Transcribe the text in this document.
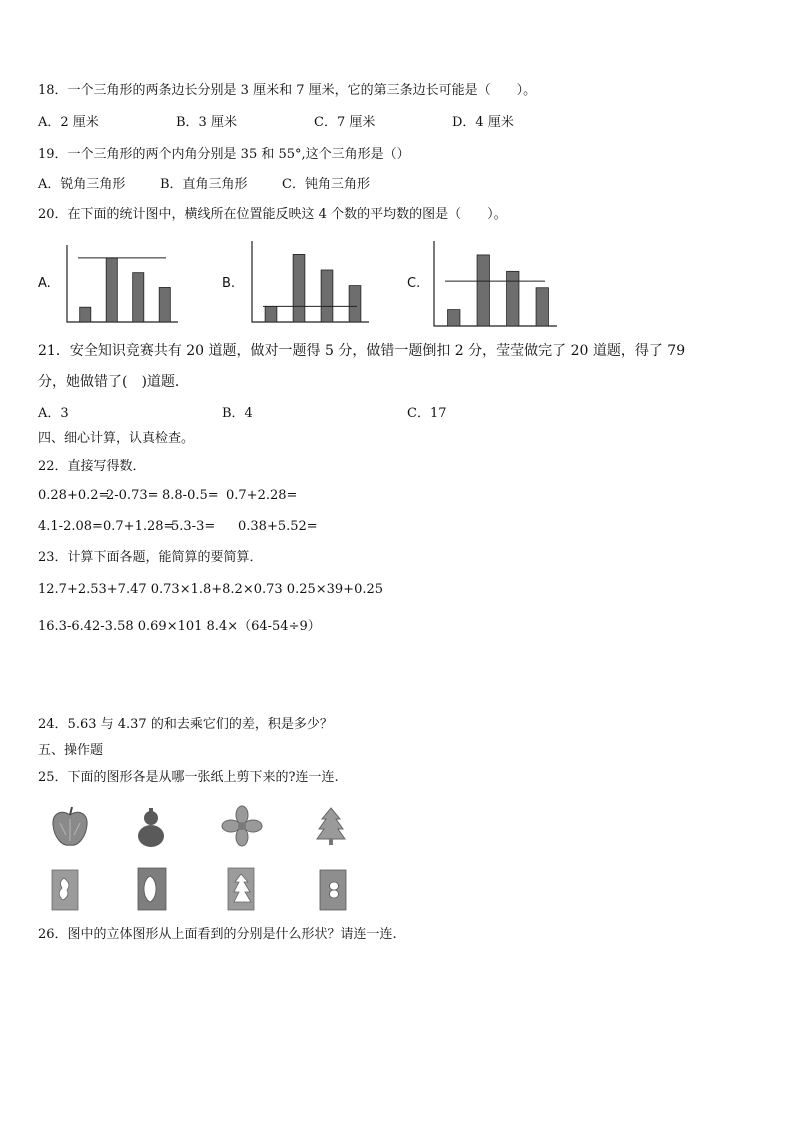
18．一个三角形的两条边长分别是 3 厘米和 7 厘米，它的第三条边长可能是（　　）。
A．2 厘米	B．3 厘米	C．7 厘米	D．4 厘米
19．一个三角形的两个内角分别是 35 和 55°,这个三角形是（）
A．锐角三角形	B．直角三角形	C．钝角三角形
20．在下面的统计图中，横线所在位置能反映这 4 个数的平均数的图是（　　）。
A.	B.	C.
21．安全知识竞赛共有 20 道题，做对一题得 5 分，做错一题倒扣 2 分，莹莹做完了 20 道题，得了 79
分，她做错了(　)道题．
A．3	B．4	C．17
四、细心计算，认真检查。
22．直接写得数．
0.28+0.2=
2-0.73= 8.8-0.5= 0.7+2.28=
4.1-2.08= 0.7+1.28=
5.3-3= 0.38+5.52=
23．计算下面各题，能简算的要简算．
12.7+2.53+7.47 0.73×1.8+8.2×0.73 0.25×39+0.25
16.3-6.42-3.58 0.69×101 8.4×（64-54÷9）
24．5.63 与 4.37 的和去乘它们的差，积是多少？
五、操作题
25．下面的图形各是从哪一张纸上剪下来的?连一连.
26．图中的立体图形从上面看到的分别是什么形状？请连一连.
